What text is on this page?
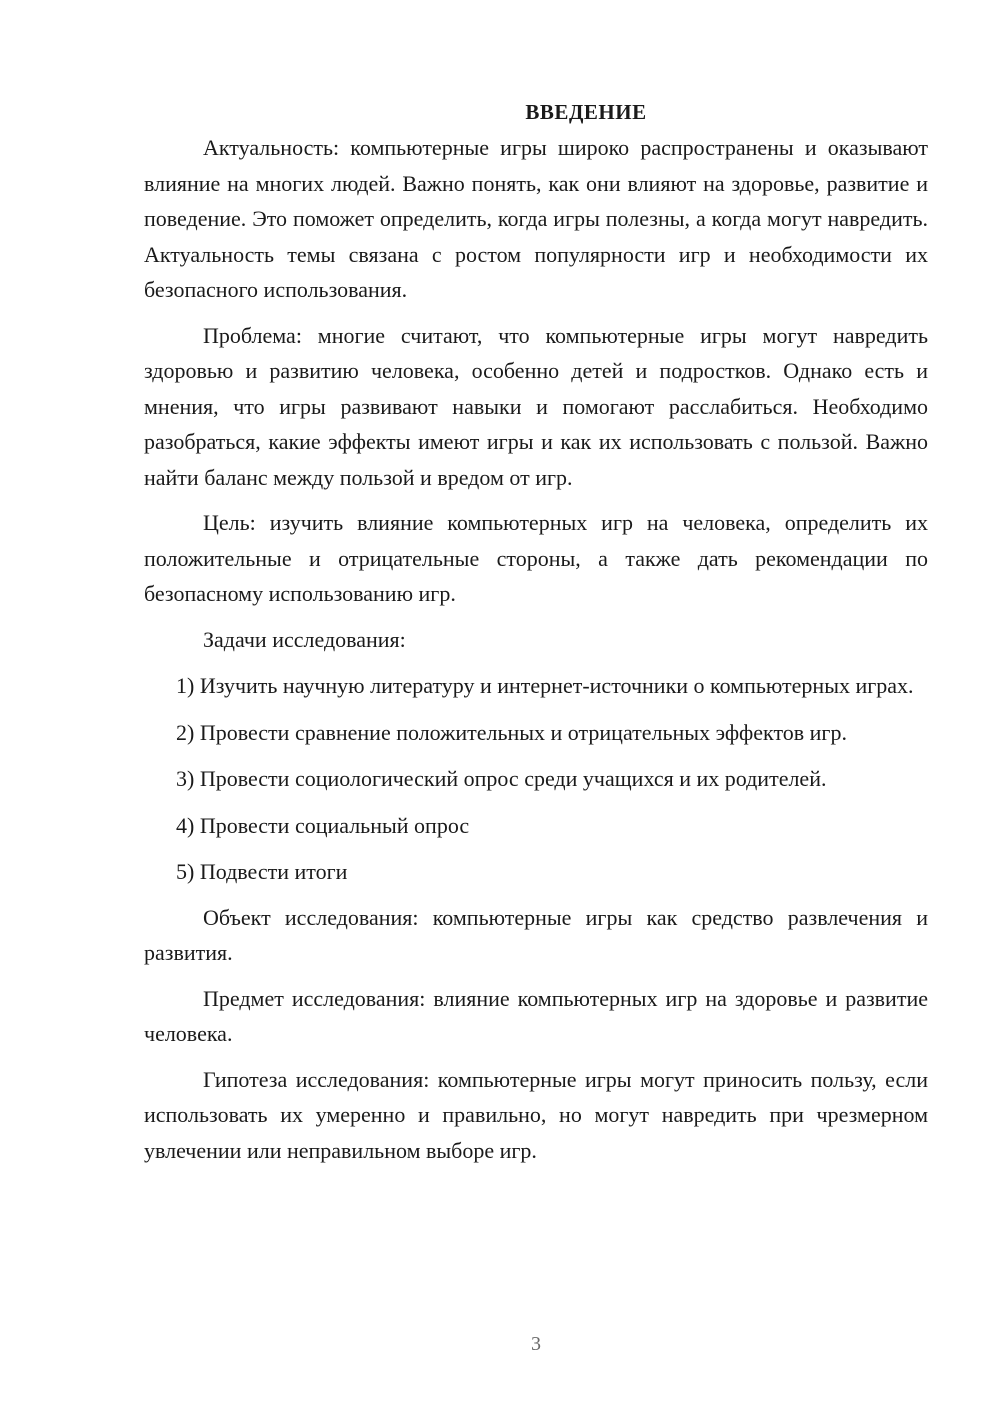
ВВЕДЕНИЕ

Актуальность: компьютерные игры широко распространены и оказывают влияние на многих людей. Важно понять, как они влияют на здоровье, развитие и поведение. Это поможет определить, когда игры полезны, а когда могут навредить. Актуальность темы связана с ростом популярности игр и необходимости их безопасного использования.

Проблема: многие считают, что компьютерные игры могут навредить здоровью и развитию человека, особенно детей и подростков. Однако есть и мнения, что игры развивают навыки и помогают расслабиться. Необходимо разобраться, какие эффекты имеют игры и как их использовать с пользой. Важно найти баланс между пользой и вредом от игр.

Цель: изучить влияние компьютерных игр на человека, определить их положительные и отрицательные стороны, а также дать рекомендации по безопасному использованию игр.

Задачи исследования:

1) Изучить научную литературу и интернет-источники о компьютерных играх.

2) Провести сравнение положительных и отрицательных эффектов игр.

3) Провести социологический опрос среди учащихся и их родителей.

4) Провести социальный опрос

5) Подвести итоги

Объект исследования: компьютерные игры как средство развлечения и развития.

Предмет исследования: влияние компьютерных игр на здоровье и развитие человека.

Гипотеза исследования: компьютерные игры могут приносить пользу, если использовать их умеренно и правильно, но могут навредить при чрезмерном увлечении или неправильном выборе игр.

3
